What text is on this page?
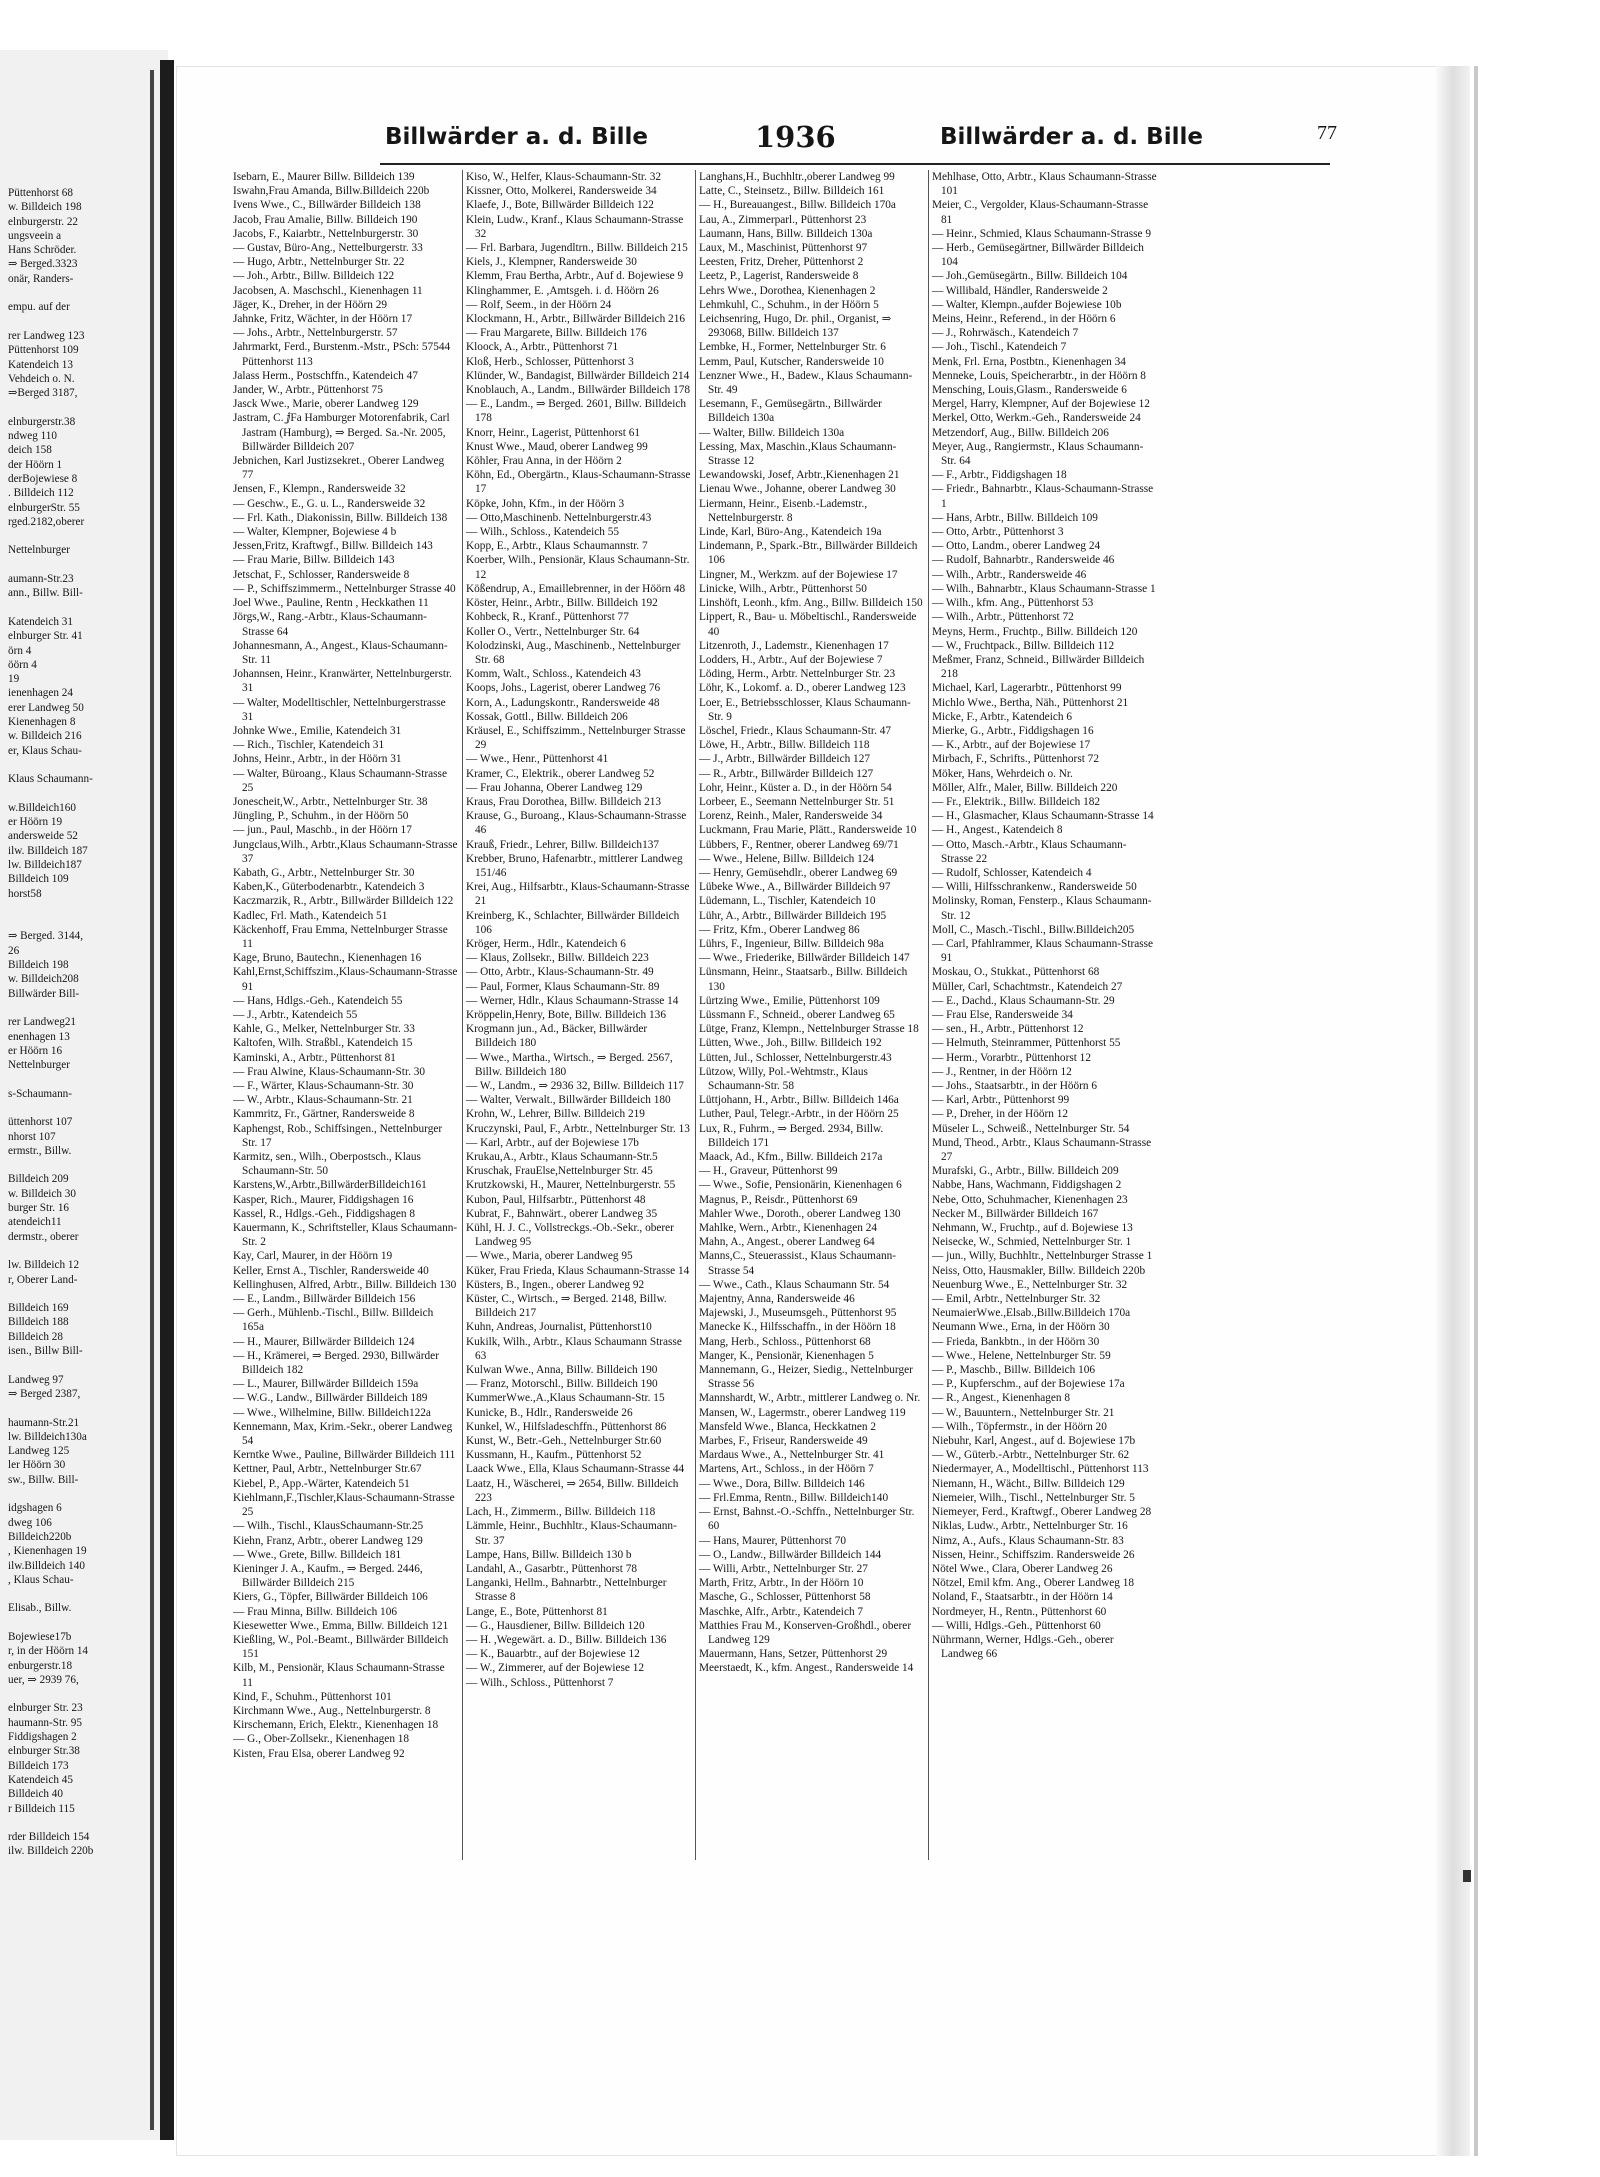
Püttenhorst 68

w. Billdeich 198

elnburgerstr. 22

ungsveein a

Hans Schröder.

⇒ Berged.3323

onär, Randers-

empu. auf der

rer Landweg 123

Püttenhorst 109

Katendeich 13

Vehdeich o. N.

⇒Berged 3187,

elnburgerstr.38

ndweg 110

deich 158

der Höörn 1

derBojewiese 8

. Billdeich 112

elnburgerStr. 55

rged.2182,oberer

Nettelnburger

aumann-Str.23

ann., Billw. Bill-

Katendeich 31

elnburger Str. 41

örn 4

öörn 4

19

ienenhagen 24

erer Landweg 50

Kienenhagen 8

w. Billdeich 216

er, Klaus Schau-

Klaus Schaumann-

w.Billdeich160

er Höörn 19

andersweide 52

ilw. Billdeich 187

lw. Billdeich187

Billdeich 109

horst58

⇒ Berged. 3144,

26

Billdeich 198

w. Billdeich208

Billwärder Bill-

rer Landweg21

enenhagen 13

er Höörn 16

Nettelnburger

s-Schaumann-

üttenhorst 107

nhorst 107

ermstr., Billw.

Billdeich 209

w. Billdeich 30

burger Str. 16

atendeich11

dermstr., oberer

lw. Billdeich 12

r, Oberer Land-

Billdeich 169

Billdeich 188

Billdeich 28

isen., Billw Bill-

Landweg 97

⇒ Berged 2387,

haumann-Str.21

lw. Billdeich130a

Landweg 125

ler Höörn 30

sw., Billw. Bill-

idgshagen 6

dweg 106

Billdeich220b

, Kienenhagen 19

ilw.Billdeich 140

, Klaus Schau-

Elisab., Billw.

Bojewiese17b

r, in der Höörn 14

enburgerstr.18

uer, ⇒ 2939 76,

elnburger Str. 23

haumann-Str. 95

Fiddigshagen 2

elnburger Str.38

Billdeich 173

Katendeich 45

Billdeich 40

r Billdeich 115

rder Billdeich 154

ilw. Billdeich 220b

Billwärder a. d. Bille	1936	Billwärder a. d. Bille	77

Isebarn, E., Maurer Billw. Billdeich 139

Iswahn,Frau Amanda, Billw.Billdeich 220b

Ivens Wwe., C., Billwärder Billdeich 138

Jacob, Frau Amalie, Billw. Billdeich 190

Jacobs, F., Kaiarbtr., Nettelnburgerstr. 30

— Gustav, Büro-Ang., Nettelburgerstr. 33

— Hugo, Arbtr., Nettelnburger Str. 22

— Joh., Arbtr., Billw. Billdeich 122

Jacobsen, A. Maschschl., Kienenhagen 11

Jäger, K., Dreher, in der Höörn 29

Jahnke, Fritz, Wächter, in der Höörn 17

— Johs., Arbtr., Nettelnburgerstr. 57

Jahrmarkt, Ferd., Burstenm.-Mstr., PSch: 57544 Püttenhorst 113

Jalass Herm., Postschffn., Katendeich 47

Jander, W., Arbtr., Püttenhorst 75

Jasck Wwe., Marie, oberer Landweg 129

Jastram, C. ⅉFa Hamburger Motorenfabrik, Carl Jastram (Hamburg), ⇒ Berged. Sa.-Nr. 2005, Billwärder Billdeich 207

Jebnichen, Karl Justizsekret., Oberer Landweg 77

Jensen, F., Klempn., Randersweide 32

— Geschw., E., G. u. L., Randersweide 32

— Frl. Kath., Diakonissin, Billw. Billdeich 138

— Walter, Klempner, Bojewiese 4 b

Jessen,Fritz, Kraftwgf., Billw. Billdeich 143

— Frau Marie, Billw. Billdeich 143

Jetschat, F., Schlosser, Randersweide 8

— P., Schiffszimmerm., Nettelnburger Strasse 40

Joel Wwe., Pauline, Rentn , Heckkathen 11

Jörgs,W., Rang.-Arbtr., Klaus-Schaumann-Strasse 64

Johannesmann, A., Angest., Klaus-Schaumann-Str. 11

Johannsen, Heinr., Kranwärter, Nettelnburgerstr. 31

— Walter, Modelltischler, Nettelnburgerstrasse 31

Johnke Wwe., Emilie, Katendeich 31

— Rich., Tischler, Katendeich 31

Johns, Heinr., Arbtr., in der Höörn 31

— Walter, Büroang., Klaus Schaumann-Strasse 25

Jonescheit,W., Arbtr., Nettelnburger Str. 38

Jüngling, P., Schuhm., in der Höörn 50

— jun., Paul, Maschb., in der Höörn 17

Jungclaus,Wilh., Arbtr.,Klaus Schaumann-Strasse 37

Kabath, G., Arbtr., Nettelnburger Str. 30

Kaben,K., Güterbodenarbtr., Katendeich 3

Kaczmarzik, R., Arbtr., Billwärder Billdeich 122

Kadlec, Frl. Math., Katendeich 51

Käckenhoff, Frau Emma, Nettelnburger Strasse 11

Kage, Bruno, Bautechn., Kienenhagen 16

Kahl,Ernst,Schiffszim.,Klaus-Schaumann-Strasse 91

— Hans, Hdlgs.-Geh., Katendeich 55

— J., Arbtr., Katendeich 55

Kahle, G., Melker, Nettelnburger Str. 33

Kaltofen, Wilh. Straßbl., Katendeich 15

Kaminski, A., Arbtr., Püttenhorst 81

— Frau Alwine, Klaus-Schaumann-Str. 30

— F., Wärter, Klaus-Schaumann-Str. 30

— W., Arbtr., Klaus-Schaumann-Str. 21

Kammritz, Fr., Gärtner, Randersweide 8

Kaphengst, Rob., Schiffsingen., Nettelnburger Str. 17

Karmitz, sen., Wilh., Oberpostsch., Klaus Schaumann-Str. 50

Karstens,W.,Arbtr.,BillwärderBilldeich161

Kasper, Rich., Maurer, Fiddigshagen 16

Kassel, R., Hdlgs.-Geh., Fiddigshagen 8

Kauermann, K., Schriftsteller, Klaus Schaumann-Str. 2

Kay, Carl, Maurer, in der Höörn 19

Keller, Ernst A., Tischler, Randersweide 40

Kellinghusen, Alfred, Arbtr., Billw. Billdeich 130

— E., Landm., Billwärder Billdeich 156

— Gerh., Mühlenb.-Tischl., Billw. Billdeich 165a

— H., Maurer, Billwärder Billdeich 124

— H., Krämerei, ⇒ Berged. 2930, Billwärder Billdeich 182

— L., Maurer, Billwärder Billdeich 159a

— W.G., Landw., Billwärder Billdeich 189

— Wwe., Wilhelmine, Billw. Billdeich122a

Kennemann, Max, Krim.-Sekr., oberer Landweg 54

Kerntke Wwe., Pauline, Billwärder Billdeich 111

Kettner, Paul, Arbtr., Nettelnburger Str.67

Kiebel, P., App.-Wärter, Katendeich 51

Kiehlmann,F.,Tischler,Klaus-Schaumann-Strasse 25

— Wilh., Tischl., KlausSchaumann-Str.25

Kiehn, Franz, Arbtr., oberer Landweg 129

— Wwe., Grete, Billw. Billdeich 181

Kieninger J. A., Kaufm., ⇒ Berged. 2446, Billwärder Billdeich 215

Kiers, G., Töpfer, Billwärder Billdeich 106

— Frau Minna, Billw. Billdeich 106

Kiesewetter Wwe., Emma, Billw. Billdeich 121

Kießling, W., Pol.-Beamt., Billwärder Billdeich 151

Kilb, M., Pensionär, Klaus Schaumann-Strasse 11

Kind, F., Schuhm., Püttenhorst 101

Kirchmann Wwe., Aug., Nettelnburgerstr. 8

Kirschemann, Erich, Elektr., Kienenhagen 18

— G., Ober-Zollsekr., Kienenhagen 18

Kisten, Frau Elsa, oberer Landweg 92

Kiso, W., Helfer, Klaus-Schaumann-Str. 32

Kissner, Otto, Molkerei, Randersweide 34

Klaefe, J., Bote, Billwärder Billdeich 122

Klein, Ludw., Kranf., Klaus Schaumann-Strasse 32

— Frl. Barbara, Jugendltrn., Billw. Billdeich 215

Kiels, J., Klempner, Randersweide 30

Klemm, Frau Bertha, Arbtr., Auf d. Bojewiese 9

Klinghammer, E. ,Amtsgeh. i. d. Höörn 26

— Rolf, Seem., in der Höörn 24

Klockmann, H., Arbtr., Billwärder Billdeich 216

— Frau Margarete, Billw. Billdeich 176

Kloock, A., Arbtr., Püttenhorst 71

Kloß, Herb., Schlosser, Püttenhorst 3

Klünder, W., Bandagist, Billwärder Billdeich 214

Knoblauch, A., Landm., Billwärder Billdeich 178

— E., Landm., ⇒ Berged. 2601, Billw. Billdeich 178

Knorr, Heinr., Lagerist, Püttenhorst 61

Knust Wwe., Maud, oberer Landweg 99

Köhler, Frau Anna, in der Höörn 2

Köhn, Ed., Obergärtn., Klaus-Schaumann-Strasse 17

Köpke, John, Kfm., in der Höörn 3

— Otto,Maschinenb. Nettelnburgerstr.43

— Wilh., Schloss., Katendeich 55

Kopp, E., Arbtr., Klaus Schaumannstr. 7

Koerber, Wilh., Pensionär, Klaus Schaumann-Str. 12

Kößendrup, A., Emaillebrenner, in der Höörn 48

Köster, Heinr., Arbtr., Billw. Billdeich 192

Kohbeck, R., Kranf., Püttenhorst 77

Koller O., Vertr., Nettelnburger Str. 64

Kolodzinski, Aug., Maschinenb., Nettelnburger Str. 68

Komm, Walt., Schloss., Katendeich 43

Koops, Johs., Lagerist, oberer Landweg 76

Korn, A., Ladungskontr., Randersweide 48

Kossak, Gottl., Billw. Billdeich 206

Kräusel, E., Schiffszimm., Nettelnburger Strasse 29

— Wwe., Henr., Püttenhorst 41

Kramer, C., Elektrik., oberer Landweg 52

— Frau Johanna, Oberer Landweg 129

Kraus, Frau Dorothea, Billw. Billdeich 213

Krause, G., Buroang., Klaus-Schaumann-Strasse 46

Krauß, Friedr., Lehrer, Billw. Billdeich137

Krebber, Bruno, Hafenarbtr., mittlerer Landweg 151/46

Krei, Aug., Hilfsarbtr., Klaus-Schaumann-Strasse 21

Kreinberg, K., Schlachter, Billwärder Billdeich 106

Kröger, Herm., Hdlr., Katendeich 6

— Klaus, Zollsekr., Billw. Billdeich 223

— Otto, Arbtr., Klaus-Schaumann-Str. 49

— Paul, Former, Klaus Schaumann-Str. 89

— Werner, Hdlr., Klaus Schaumann-Strasse 14

Kröppelin,Henry, Bote, Billw. Billdeich 136

Krogmann jun., Ad., Bäcker, Billwärder Billdeich 180

— Wwe., Martha., Wirtsch., ⇒ Berged. 2567, Billw. Billdeich 180

— W., Landm., ⇒ 2936 32, Billw. Billdeich 117

— Walter, Verwalt., Billwärder Billdeich 180

Krohn, W., Lehrer, Billw. Billdeich 219

Kruczynski, Paul, F., Arbtr., Nettelnburger Str. 13

— Karl, Arbtr., auf der Bojewiese 17b

Krukau,A., Arbtr., Klaus Schaumann-Str.5

Kruschak, FrauElse,Nettelnburger Str. 45

Krutzkowski, H., Maurer, Nettelnburgerstr. 55

Kubon, Paul, Hilfsarbtr., Püttenhorst 48

Kubrat, F., Bahnwärt., oberer Landweg 35

Kühl, H. J. C., Vollstreckgs.-Ob.-Sekr., oberer Landweg 95

— Wwe., Maria, oberer Landweg 95

Küker, Frau Frieda, Klaus Schaumann-Strasse 14

Küsters, B., Ingen., oberer Landweg 92

Küster, C., Wirtsch., ⇒ Berged. 2148, Billw. Billdeich 217

Kuhn, Andreas, Journalist, Püttenhorst10

Kukilk, Wilh., Arbtr., Klaus Schaumann Strasse 63

Kulwan Wwe., Anna, Billw. Billdeich 190

— Franz, Motorschl., Billw. Billdeich 190

KummerWwe.,A.,Klaus Schaumann-Str. 15

Kunicke, B., Hdlr., Randersweide 26

Kunkel, W., Hilfsladeschffn., Püttenhorst 86

Kunst, W., Betr.-Geh., Nettelnburger Str.60

Kussmann, H., Kaufm., Püttenhorst 52

Laack Wwe., Ella, Klaus Schaumann-Strasse 44

Laatz, H., Wäscherei, ⇒ 2654, Billw. Billdeich 223

Lach, H., Zimmerm., Billw. Billdeich 118

Lämmle, Heinr., Buchhltr., Klaus-Schaumann-Str. 37

Lampe, Hans, Billw. Billdeich 130 b

Landahl, A., Gasarbtr., Püttenhorst 78

Langanki, Hellm., Bahnarbtr., Nettelnburger Strasse 8

Lange, E., Bote, Püttenhorst 81

— G., Hausdiener, Billw. Billdeich 120

— H. ,Wegewärt. a. D., Billw. Billdeich 136

— K., Bauarbtr., auf der Bojewiese 12

— W., Zimmerer, auf der Bojewiese 12

— Wilh., Schloss., Püttenhorst 7

Langhans,H., Buchhltr.,oberer Landweg 99

Latte, C., Steinsetz., Billw. Billdeich 161

— H., Bureauangest., Billw. Billdeich 170a

Lau, A., Zimmerparl., Püttenhorst 23

Laumann, Hans, Billw. Billdeich 130a

Laux, M., Maschinist, Püttenhorst 97

Leesten, Fritz, Dreher, Püttenhorst 2

Leetz, P., Lagerist, Randersweide 8

Lehrs Wwe., Dorothea, Kienenhagen 2

Lehmkuhl, C., Schuhm., in der Höörn 5

Leichsenring, Hugo, Dr. phil., Organist, ⇒ 293068, Billw. Billdeich 137

Lembke, H., Former, Nettelnburger Str. 6

Lemm, Paul, Kutscher, Randersweide 10

Lenzner Wwe., H., Badew., Klaus Schaumann-Str. 49

Lesemann, F., Gemüsegärtn., Billwärder Billdeich 130a

— Walter, Billw. Billdeich 130a

Lessing, Max, Maschin.,Klaus Schaumann-Strasse 12

Lewandowski, Josef, Arbtr.,Kienenhagen 21

Lienau Wwe., Johanne, oberer Landweg 30

Liermann, Heinr., Eisenb.-Lademstr., Nettelnburgerstr. 8

Linde, Karl, Büro-Ang., Katendeich 19a

Lindemann, P., Spark.-Btr., Billwärder Billdeich 106

Lingner, M., Werkzm. auf der Bojewiese 17

Linicke, Wilh., Arbtr., Püttenhorst 50

Linshöft, Leonh., kfm. Ang., Billw. Billdeich 150

Lippert, R., Bau- u. Möbeltischl., Randersweide 40

Litzenroth, J., Lademstr., Kienenhagen 17

Lodders, H., Arbtr., Auf der Bojewiese 7

Löding, Herm., Arbtr. Nettelnburger Str. 23

Löhr, K., Lokomf. a. D., oberer Landweg 123

Loer, E., Betriebsschlosser, Klaus Schaumann-Str. 9

Löschel, Friedr., Klaus Schaumann-Str. 47

Löwe, H., Arbtr., Billw. Billdeich 118

— J., Arbtr., Billwärder Billdeich 127

— R., Arbtr., Billwärder Billdeich 127

Lohr, Heinr., Küster a. D., in der Höörn 54

Lorbeer, E., Seemann Nettelnburger Str. 51

Lorenz, Reinh., Maler, Randersweide 34

Luckmann, Frau Marie, Plätt., Randersweide 10

Lübbers, F., Rentner, oberer Landweg 69/71

— Wwe., Helene, Billw. Billdeich 124

— Henry, Gemüsehdlr., oberer Landweg 69

Lübeke Wwe., A., Billwärder Billdeich 97

Lüdemann, L., Tischler, Katendeich 10

Lühr, A., Arbtr., Billwärder Billdeich 195

— Fritz, Kfm., Oberer Landweg 86

Lührs, F., Ingenieur, Billw. Billdeich 98a

— Wwe., Friederike, Billwärder Billdeich 147

Lünsmann, Heinr., Staatsarb., Billw. Billdeich 130

Lürtzing Wwe., Emilie, Püttenhorst 109

Lüssmann F., Schneid., oberer Landweg 65

Lütge, Franz, Klempn., Nettelnburger Strasse 18

Lütten, Wwe., Joh., Billw. Billdeich 192

Lütten, Jul., Schlosser, Nettelnburgerstr.43

Lützow, Willy, Pol.-Wehtmstr., Klaus Schaumann-Str. 58

Lüttjohann, H., Arbtr., Billw. Billdeich 146a

Luther, Paul, Telegr.-Arbtr., in der Höörn 25

Lux, R., Fuhrm., ⇒ Berged. 2934, Billw. Billdeich 171

Maack, Ad., Kfm., Billw. Billdeich 217a

— H., Graveur, Püttenhorst 99

— Wwe., Sofie, Pensionärin, Kienenhagen 6

Magnus, P., Reisdr., Püttenhorst 69

Mahler Wwe., Doroth., oberer Landweg 130

Mahlke, Wern., Arbtr., Kienenhagen 24

Mahn, A., Angest., oberer Landweg 64

Manns,C., Steuerassist., Klaus Schaumann-Strasse 54

— Wwe., Cath., Klaus Schaumann Str. 54

Majentny, Anna, Randersweide 46

Majewski, J., Museumsgeh., Püttenhorst 95

Manecke K., Hilfsschaffn., in der Höörn 18

Mang, Herb., Schloss., Püttenhorst 68

Manger, K., Pensionär, Kienenhagen 5

Mannemann, G., Heizer, Siedig., Nettelnburger Strasse 56

Mannshardt, W., Arbtr., mittlerer Landweg o. Nr.

Mansen, W., Lagermstr., oberer Landweg 119

Mansfeld Wwe., Blanca, Heckkatnen 2

Marbes, F., Friseur, Randersweide 49

Mardaus Wwe., A., Nettelnburger Str. 41

Martens, Art., Schloss., in der Höörn 7

— Wwe., Dora, Billw. Billdeich 146

— Frl.Emma, Rentn., Billw. Billdeich140

— Ernst, Bahnst.-O.-Schffn., Nettelnburger Str. 60

— Hans, Maurer, Püttenhorst 70

— O., Landw., Billwärder Billdeich 144

— Willi, Arbtr., Nettelnburger Str. 27

Marth, Fritz, Arbtr., In der Höörn 10

Masche, G., Schlosser, Püttenhorst 58

Maschke, Alfr., Arbtr., Katendeich 7

Matthies Frau M., Konserven-Großhdl., oberer Landweg 129

Mauermann, Hans, Setzer, Püttenhorst 29

Meerstaedt, K., kfm. Angest., Randersweide 14

Mehlhase, Otto, Arbtr., Klaus Schaumann-Strasse 101

Meier, C., Vergolder, Klaus-Schaumann-Strasse 81

— Heinr., Schmied, Klaus Schaumann-Strasse 9

— Herb., Gemüsegärtner, Billwärder Billdeich 104

— Joh.,Gemüsegärtn., Billw. Billdeich 104

— Willibald, Händler, Randersweide 2

— Walter, Klempn.,aufder Bojewiese 10b

Meins, Heinr., Referend., in der Höörn 6

— J., Rohrwäsch., Katendeich 7

— Joh., Tischl., Katendeich 7

Menk, Frl. Erna, Postbtn., Kienenhagen 34

Menneke, Louis, Speicherarbtr., in der Höörn 8

Mensching, Louis,Glasm., Randersweide 6

Mergel, Harry, Klempner, Auf der Bojewiese 12

Merkel, Otto, Werkm.-Geh., Randersweide 24

Metzendorf, Aug., Billw. Billdeich 206

Meyer, Aug., Rangiermstr., Klaus Schaumann-Str. 64

— F., Arbtr., Fiddigshagen 18

— Friedr., Bahnarbtr., Klaus-Schaumann-Strasse 1

— Hans, Arbtr., Billw. Billdeich 109

— Otto, Arbtr., Püttenhorst 3

— Otto, Landm., oberer Landweg 24

— Rudolf, Bahnarbtr., Randersweide 46

— Wilh., Arbtr., Randersweide 46

— Wilh., Bahnarbtr., Klaus Schaumann-Strasse 1

— Wilh., kfm. Ang., Püttenhorst 53

— Wilh., Arbtr., Püttenhorst 72

Meyns, Herm., Fruchtp., Billw. Billdeich 120

— W., Fruchtpack., Billw. Billdeich 112

Meßmer, Franz, Schneid., Billwärder Billdeich 218

Michael, Karl, Lagerarbtr., Püttenhorst 99

Michlo Wwe., Bertha, Näh., Püttenhorst 21

Micke, F., Arbtr., Katendeich 6

Mierke, G., Arbtr., Fiddigshagen 16

— K., Arbtr., auf der Bojewiese 17

Mirbach, F., Schrifts., Püttenhorst 72

Möker, Hans, Wehrdeich o. Nr.

Möller, Alfr., Maler, Billw. Billdeich 220

— Fr., Elektrik., Billw. Billdeich 182

— H., Glasmacher, Klaus Schaumann-Strasse 14

— H., Angest., Katendeich 8

— Otto, Masch.-Arbtr., Klaus Schaumann-Strasse 22

— Rudolf, Schlosser, Katendeich 4

— Willi, Hilfsschrankenw., Randersweide 50

Molinsky, Roman, Fensterp., Klaus Schaumann-Str. 12

Moll, C., Masch.-Tischl., Billw.Billdeich205

— Carl, Pfahlrammer, Klaus Schaumann-Strasse 91

Moskau, O., Stukkat., Püttenhorst 68

Müller, Carl, Schachtmstr., Katendeich 27

— E., Dachd., Klaus Schaumann-Str. 29

— Frau Else, Randersweide 34

— sen., H., Arbtr., Püttenhorst 12

— Helmuth, Steinrammer, Püttenhorst 55

— Herm., Vorarbtr., Püttenhorst 12

— J., Rentner, in der Höörn 12

— Johs., Staatsarbtr., in der Höörn 6

— Karl, Arbtr., Püttenhorst 99

— P., Dreher, in der Höörn 12

Müseler L., Schweiß., Nettelnburger Str. 54

Mund, Theod., Arbtr., Klaus Schaumann-Strasse 27

Murafski, G., Arbtr., Billw. Billdeich 209

Nabbe, Hans, Wachmann, Fiddigshagen 2

Nebe, Otto, Schuhmacher, Kienenhagen 23

Necker M., Billwärder Billdeich 167

Nehmann, W., Fruchtp., auf d. Bojewiese 13

Neisecke, W., Schmied, Nettelnburger Str. 1

— jun., Willy, Buchhltr., Nettelnburger Strasse 1

Neiss, Otto, Hausmakler, Billw. Billdeich 220b

Neuenburg Wwe., E., Nettelnburger Str. 32

— Emil, Arbtr., Nettelnburger Str. 32

NeumaierWwe.,Elsab.,Billw.Billdeich 170a

Neumann Wwe., Erna, in der Höörn 30

— Frieda, Bankbtn., in der Höörn 30

— Wwe., Helene, Nettelnburger Str. 59

— P., Maschb., Billw. Billdeich 106

— P., Kupferschm., auf der Bojewiese 17a

— R., Angest., Kienenhagen 8

— W., Bauuntern., Nettelnburger Str. 21

— Wilh., Töpfermstr., in der Höörn 20

Niebuhr, Karl, Angest., auf d. Bojewiese 17b

— W., Güterb.-Arbtr., Nettelnburger Str. 62

Niedermayer, A., Modelltischl., Püttenhorst 113

Niemann, H., Wächt., Billw. Billdeich 129

Niemeier, Wilh., Tischl., Nettelnburger Str. 5

Niemeyer, Ferd., Kraftwgf., Oberer Landweg 28

Niklas, Ludw., Arbtr., Nettelnburger Str. 16

Nimz, A., Aufs., Klaus Schaumann-Str. 83

Nissen, Heinr., Schiffszim. Randersweide 26

Nötel Wwe., Clara, Oberer Landweg 26

Nötzel, Emil kfm. Ang., Oberer Landweg 18

Noland, F., Staatsarbtr., in der Höörn 14

Nordmeyer, H., Rentn., Püttenhorst 60

— Willi, Hdlgs.-Geh., Püttenhorst 60

Nührmann, Werner, Hdlgs.-Geh., oberer Landweg 66
